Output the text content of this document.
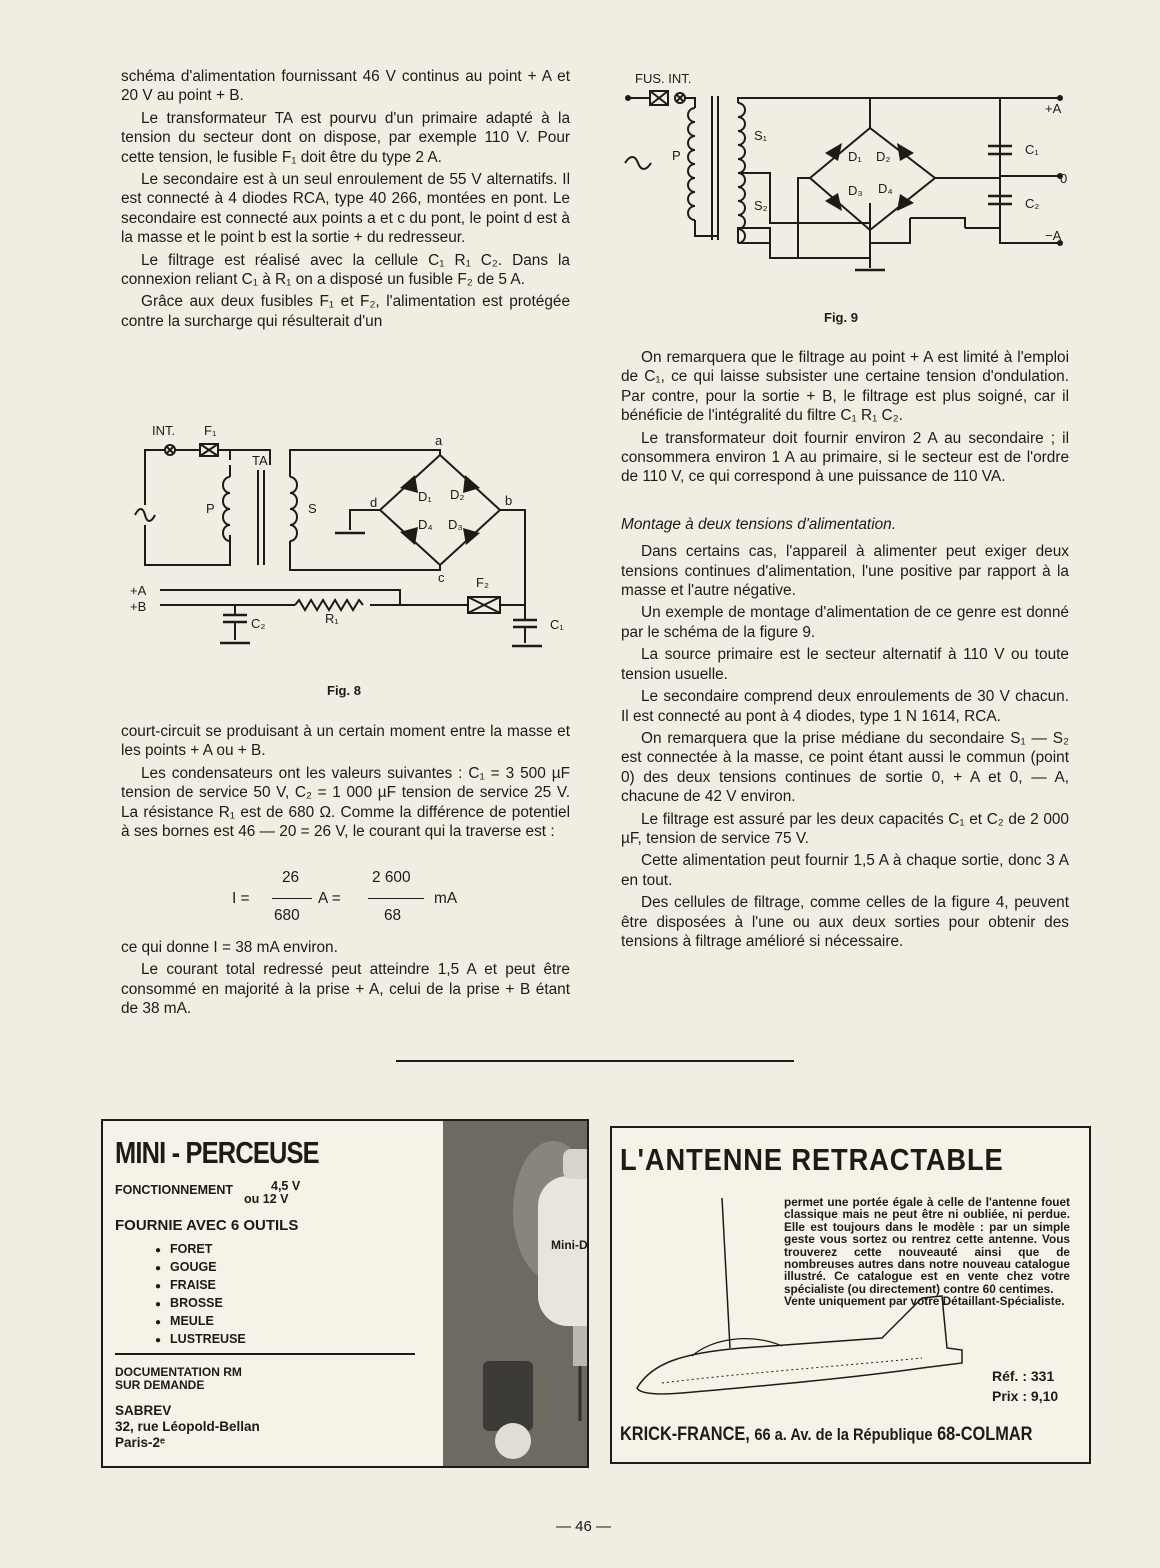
schéma d'alimentation fournissant 46 V continus au point + A et 20 V au point + B.

Le transformateur TA est pourvu d'un primaire adapté à la tension du secteur dont on dispose, par exemple 110 V. Pour cette tension, le fusible F₁ doit être du type 2 A.

Le secondaire est à un seul enroulement de 55 V alternatifs. Il est connecté à 4 diodes RCA, type 40 266, montées en pont. Le secondaire est connecté aux points a et c du pont, le point d est à la masse et le point b est la sortie + du redresseur.

Le filtrage est réalisé avec la cellule C₁ R₁ C₂. Dans la connexion reliant C₁ à R₁ on a disposé un fusible F₂ de 5 A.

Grâce aux deux fusibles F₁ et F₂, l'alimentation est protégée contre la surcharge qui résulterait d'un

INT. F₁
TA
P	S
a
b
c
d	D₁ D₂
D₃
D₄
+A
+B
F₂
R₁	C₁
C₂
Fig. 8

court-circuit se produisant à un certain moment entre la masse et les points + A ou + B.

Les condensateurs ont les valeurs suivantes : C₁ = 3 500 µF tension de service 50 V, C₂ = 1 000 µF tension de service 25 V. La résistance R₁ est de 680 Ω. Comme la différence de potentiel à ses bornes est 46 — 20 = 26 V, le courant qui la traverse est :

I =
26
680
A =
2 600
68
mA

ce qui donne I = 38 mA environ.

Le courant total redressé peut atteindre 1,5 A et peut être consommé en majorité à la prise + A, celui de la prise + B étant de 38 mA.

FUS. INT.
P
S₁
S₂
D₁ D₂
D₃ D₄
C₁
C₂
+A
0
−A
Fig. 9

On remarquera que le filtrage au point + A est limité à l'emploi de C₁, ce qui laisse subsister une certaine tension d'ondulation. Par contre, pour la sortie + B, le filtrage est plus soigné, car il bénéficie de l'intégralité du filtre C₁ R₁ C₂.

Le transformateur doit fournir environ 2 A au secondaire ; il consommera environ 1 A au primaire, si le secteur est de l'ordre de 110 V, ce qui correspond à une puissance de 110 VA.

Montage à deux tensions d'alimentation.

Dans certains cas, l'appareil à alimenter peut exiger deux tensions continues d'alimentation, l'une positive par rapport à la masse et l'autre négative.

Un exemple de montage d'alimentation de ce genre est donné par le schéma de la figure 9.

La source primaire est le secteur alternatif à 110 V ou toute tension usuelle.

Le secondaire comprend deux enroulements de 30 V chacun. Il est connecté au pont à 4 diodes, type 1 N 1614, RCA.

On remarquera que la prise médiane du secondaire S₁ — S₂ est connectée à la masse, ce point étant aussi le commun (point 0) des deux tensions continues de sortie 0, + A et 0, — A, chacune de 42 V environ.

Le filtrage est assuré par les deux capacités C₁ et C₂ de 2 000 µF, tension de service 75 V.

Cette alimentation peut fournir 1,5 A à chaque sortie, donc 3 A en tout.

Des cellules de filtrage, comme celles de la figure 4, peuvent être disposées à l'une ou aux deux sorties pour obtenir des tensions à filtrage amélioré si nécessaire.

MINI - PERCEUSE
FONCTIONNEMENT	4,5 V
ou 12 V
FOURNIE AVEC 6 OUTILS
● FORET
● GOUGE
● FRAISE
● BROSSE
● MEULE
● LUSTREUSE
DOCUMENTATION RM
SUR DEMANDE
SABREV
32, rue Léopold-Bellan
Paris-2ᵉ
Mini-D
L'ANTENNE RETRACTABLE
permet une portée égale à celle de l'antenne fouet classique mais ne peut être ni oubliée, ni perdue. Elle est toujours dans le modèle : par un simple geste vous sortez ou rentrez cette antenne. Vous trouverez cette nouveauté ainsi que de nombreuses autres dans notre nouveau catalogue illustré. Ce catalogue est en vente chez votre spécialiste (ou directement) contre 60 centimes.
Vente uniquement par votre Détaillant-Spécialiste.
Réf. : 331
Prix : 9,10
KRICK-FRANCE, 66 a. Av. de la République 68-COLMAR
— 46 —
